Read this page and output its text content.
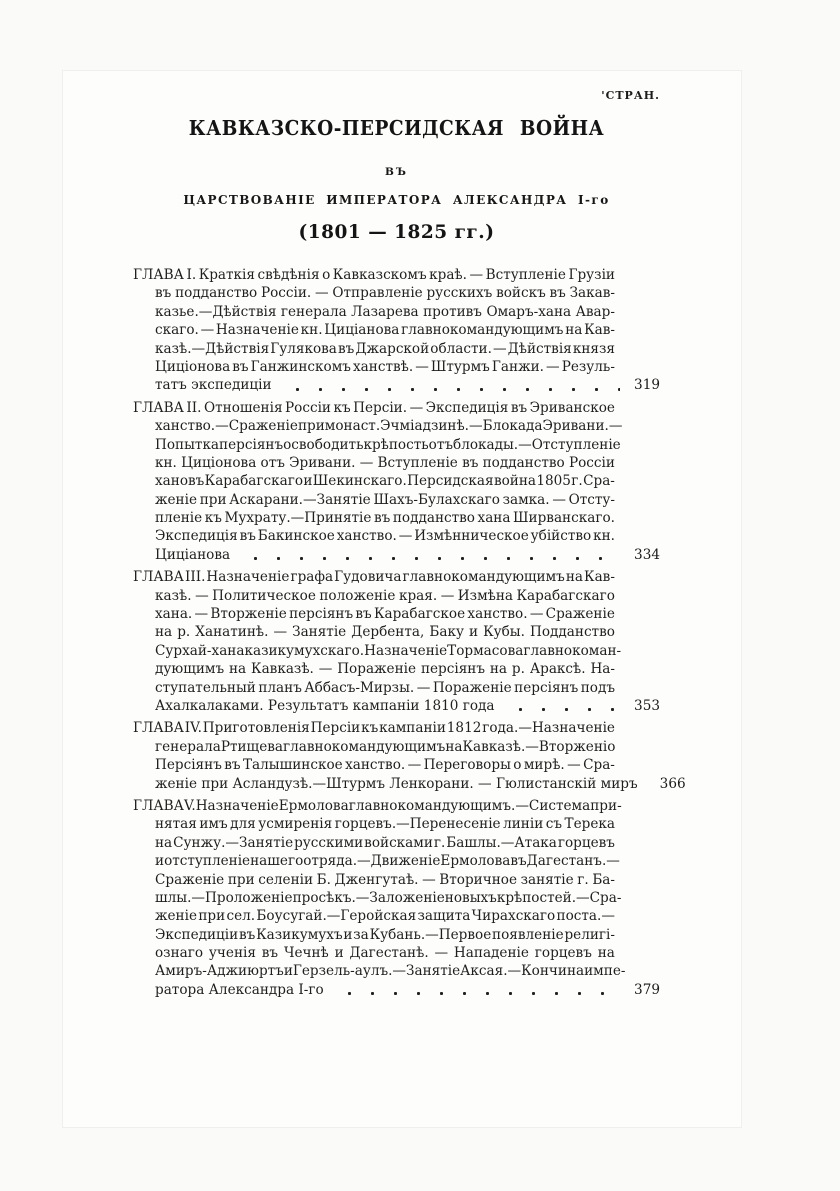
'СТРАН.
КАВКАЗСКО-ПЕРСИДСКАЯ ВОЙНА
ВЪ
ЦАРСТВОВАНІЕ ИМПЕРАТОРА АЛЕКСАНДРА I-го
(1801 — 1825 гг.)
ГЛАВА I. Краткія свѣдѣнія о Кавказскомъ краѣ. — Вступленіе Грузіи
въ подданство Россіи. — Отправленіе русскихъ войскъ въ Закав-
казье.—Дѣйствія генерала Лазарева противъ Омаръ-хана Авар-
скаго. — Назначеніе кн. Циціанова главнокомандующимъ на Кав-
казѣ.—Дѣйствія Гулякова въ Джарской области. — Дѣйствія князя
Циціонова въ Ганжинскомъ ханствѣ. — Штурмъ Ганжи. — Резуль-
татъ экспедиціи	319
ГЛАВА II. Отношенія Россіи къ Персіи. — Экспедиція въ Эриванское
ханство.—Сраженіе при монаст. Эчміадзинѣ.—Блокада Эривани.—
Попытка персіянъ освободить крѣпость отъ блокады.—Отступленіе
кн. Циціонова отъ Эривани. — Вступленіе въ подданство Россіи
хановъ Карабагскаго и Шекинскаго. Персидская война 1805 г. Сра-
женіе при Аскарани.—Занятіе Шахъ-Булахскаго замка. — Отсту-
пленіе къ Мухрату.—Принятіе въ подданство хана Ширванскаго.
Экспедиція въ Бакинское ханство. — Измѣнническое убійство кн.
Циціанова	334
ГЛАВА III. Назначеніе графа Гудовича главнокомандующимъ на Кав-
казѣ. — Политическое положеніе края. — Измѣна Карабагскаго
хана. — Вторженіе персіянъ въ Карабагское ханство. — Сраженіе
на р. Ханатинѣ. — Занятіе Дербента, Баку и Кубы. Подданство
Сурхай-хана казикумухскаго. Назначеніе Тормасова главнокоман-
дующимъ на Кавказѣ. — Пораженіе персіянъ на р. Араксѣ. На-
ступательный планъ Аббасъ-Мирзы. — Пораженіе персіянъ подъ
Ахалкалаками. Результатъ кампаніи 1810 года	353
ГЛАВА IV. Приготовленія Персіи къ кампаніи 1812 года.—Назначеніе
генерала Ртищева главнокомандующимъ на Кавказѣ. — Вторженіо
Персіянъ въ Талышинское ханство. — Переговоры о мирѣ. — Сра-
женіе при Асландузѣ.—Штурмъ Ленкорани. — Гюлистанскій миръ 366
ГЛАВА V. Назначеніе Ермолова главнокомандующимъ. — Система при-
нятая имъ для усмиренія горцевъ.—Перенесеніе линіи съ Терека
на Сунжу.—Занятіе русскими войсками г. Башлы.—Атака горцевъ
и отступленіе нашего отряда.—Движеніе Ермолова въ Дагестанъ.—
Сраженіе при селеніи Б. Дженгутаѣ. — Вторичное занятіе г. Ба-
шлы.—Проложеніе просѣкъ.—Заложеніе новыхъ крѣпостей.—Сра-
женіе при сел. Боусугай.—Геройская защита Чирахскаго поста.—
Экспедиціи въ Казикумухъ и за Кубань.—Первое появленіе религі-
ознаго ученія въ Чечнѣ и Дагестанѣ. — Нападеніе горцевъ на
Амиръ-Аджиюртъ и Герзель-аулъ.—Занятіе Аксая.—Кончина импе-
ратора Александра I-го	379
